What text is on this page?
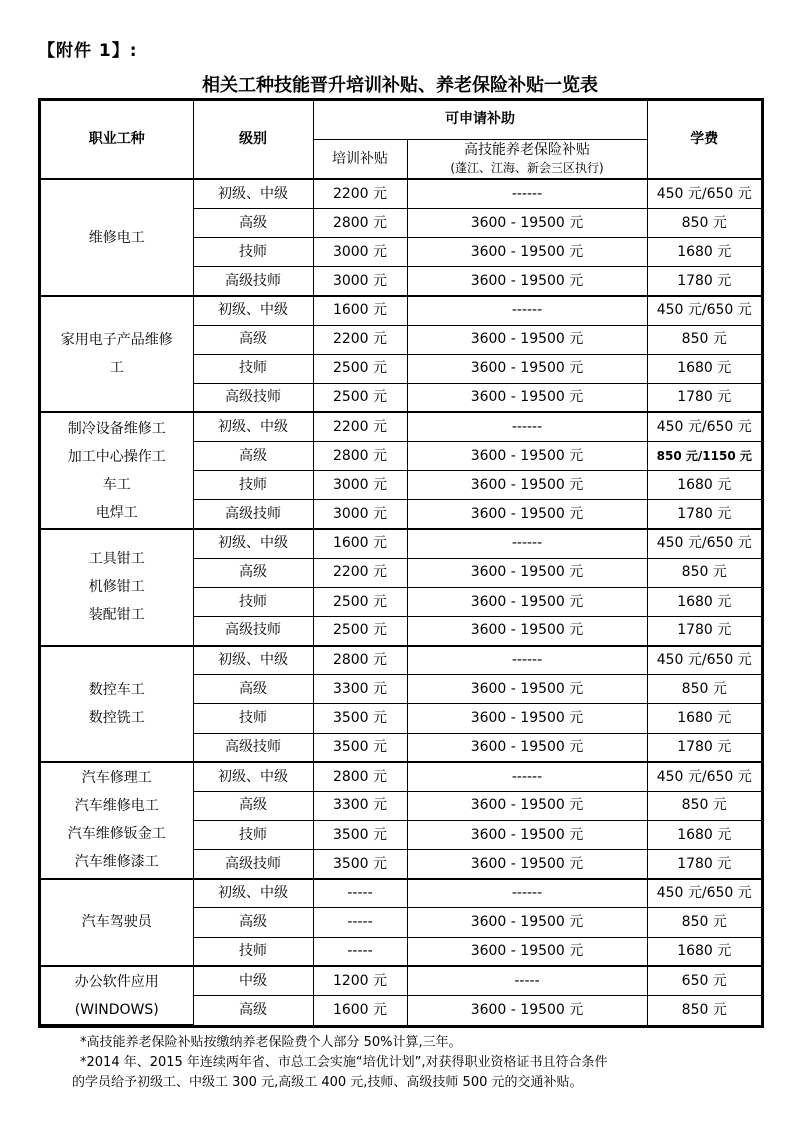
【附件 1】:
相关工种技能晋升培训补贴、养老保险补贴一览表
职业工种	级别	可申请补助		学费
		培训补贴	高技能养老保险补贴
(蓬江、江海、新会三区执行)	

维修电工	初级、中级	2200 元	------	450 元/650 元
	高级	2800 元	3600 - 19500 元	850 元
	技师	3000 元	3600 - 19500 元	1680 元
	高级技师	3000 元	3600 - 19500 元	1780 元

家用电子产品维修
工	初级、中级	1600 元	------	450 元/650 元
	高级	2200 元	3600 - 19500 元	850 元
	技师	2500 元	3600 - 19500 元	1680 元
	高级技师	2500 元	3600 - 19500 元	1780 元

制冷设备维修工
加工中心操作工
车工
电焊工	初级、中级	2200 元	------	450 元/650 元
	高级	2800 元	3600 - 19500 元	850 元/1150 元
	技师	3000 元	3600 - 19500 元	1680 元
	高级技师	3000 元	3600 - 19500 元	1780 元

工具钳工
机修钳工
装配钳工	初级、中级	1600 元	------	450 元/650 元
	高级	2200 元	3600 - 19500 元	850 元
	技师	2500 元	3600 - 19500 元	1680 元
	高级技师	2500 元	3600 - 19500 元	1780 元

数控车工
数控铣工	初级、中级	2800 元	------	450 元/650 元
	高级	3300 元	3600 - 19500 元	850 元
	技师	3500 元	3600 - 19500 元	1680 元
	高级技师	3500 元	3600 - 19500 元	1780 元

汽车修理工
汽车维修电工
汽车维修钣金工
汽车维修漆工	初级、中级	2800 元	------	450 元/650 元
	高级	3300 元	3600 - 19500 元	850 元
	技师	3500 元	3600 - 19500 元	1680 元
	高级技师	3500 元	3600 - 19500 元	1780 元

汽车驾驶员	初级、中级	-----	------	450 元/650 元
	高级	-----	3600 - 19500 元	850 元
	技师	-----	3600 - 19500 元	1680 元

办公软件应用
(WINDOWS)	中级	1200 元	-----	650 元
	高级	1600 元	3600 - 19500 元	850 元
*高技能养老保险补贴按缴纳养老保险费个人部分 50%计算,三年。
*2014 年、2015 年连续两年省、市总工会实施“培优计划”,对获得职业资格证书且符合条件
的学员给予初级工、中级工 300 元,高级工 400 元,技师、高级技师 500 元的交通补贴。
